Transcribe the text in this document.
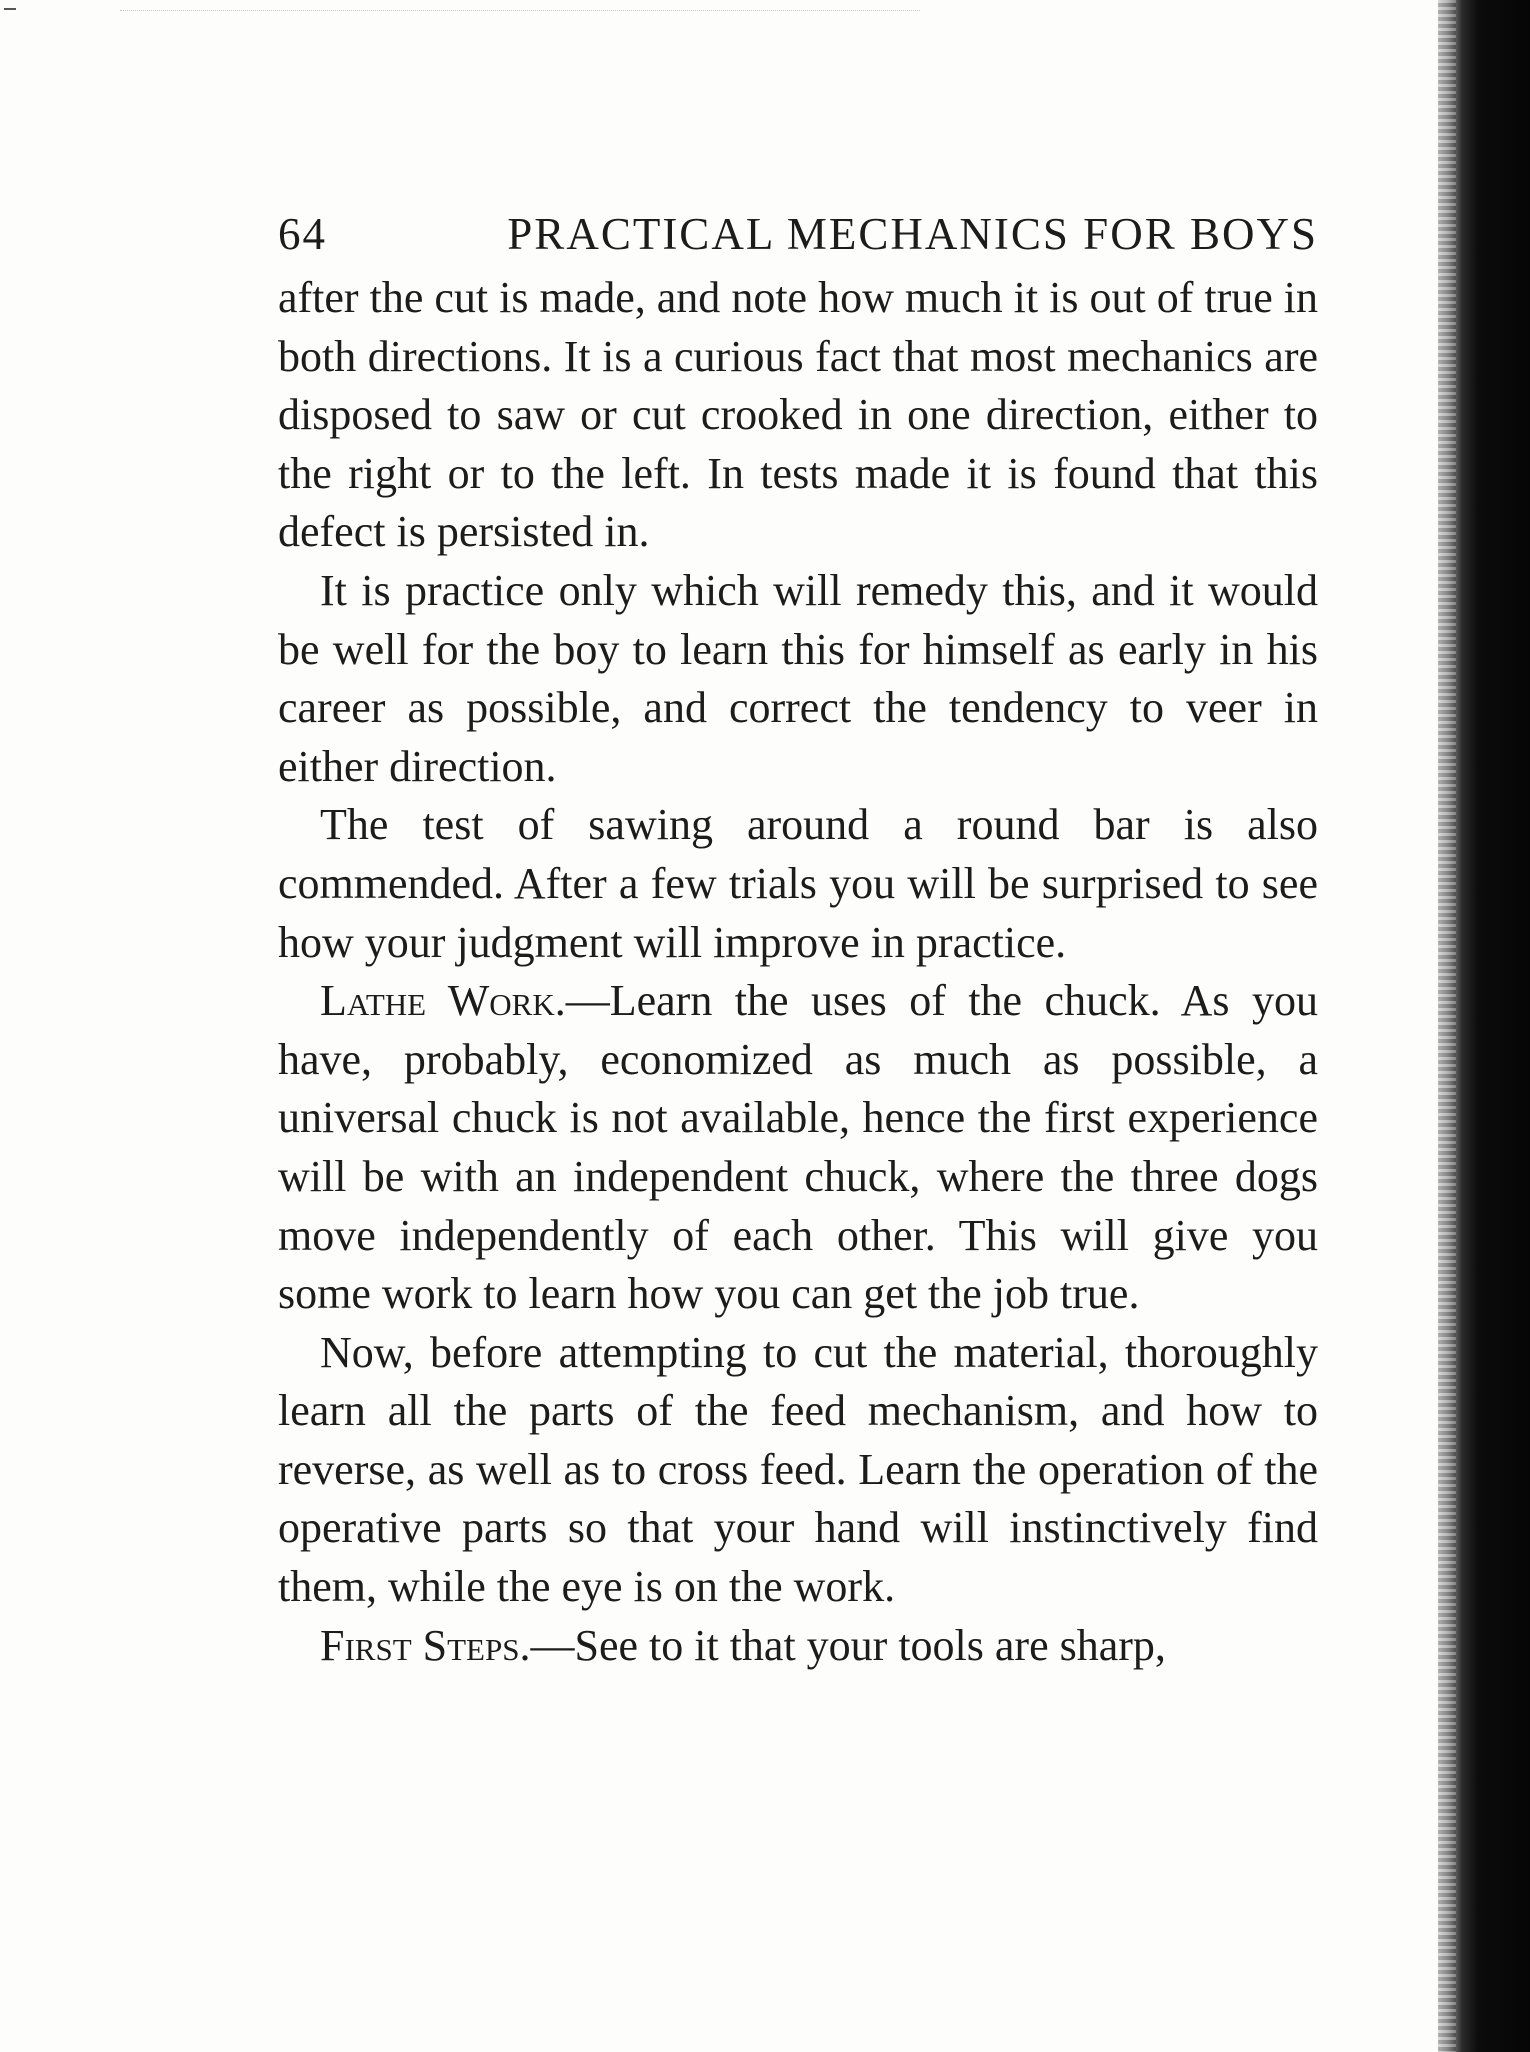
64	PRACTICAL MECHANICS FOR BOYS

after the cut is made, and note how much it is out of true in both directions. It is a curious fact that most mechanics are disposed to saw or cut crooked in one direction, either to the right or to the left. In tests made it is found that this defect is persisted in.

It is practice only which will remedy this, and it would be well for the boy to learn this for himself as early in his career as possible, and correct the tendency to veer in either direction.

The test of sawing around a round bar is also commended. After a few trials you will be surprised to see how your judgment will improve in practice.

Lathe Work.—Learn the uses of the chuck. As you have, probably, economized as much as possible, a universal chuck is not available, hence the first experience will be with an independent chuck, where the three dogs move independently of each other. This will give you some work to learn how you can get the job true.

Now, before attempting to cut the material, thoroughly learn all the parts of the feed mechanism, and how to reverse, as well as to cross feed. Learn the operation of the operative parts so that your hand will instinctively find them, while the eye is on the work.

First Steps.—See to it that your tools are sharp,
